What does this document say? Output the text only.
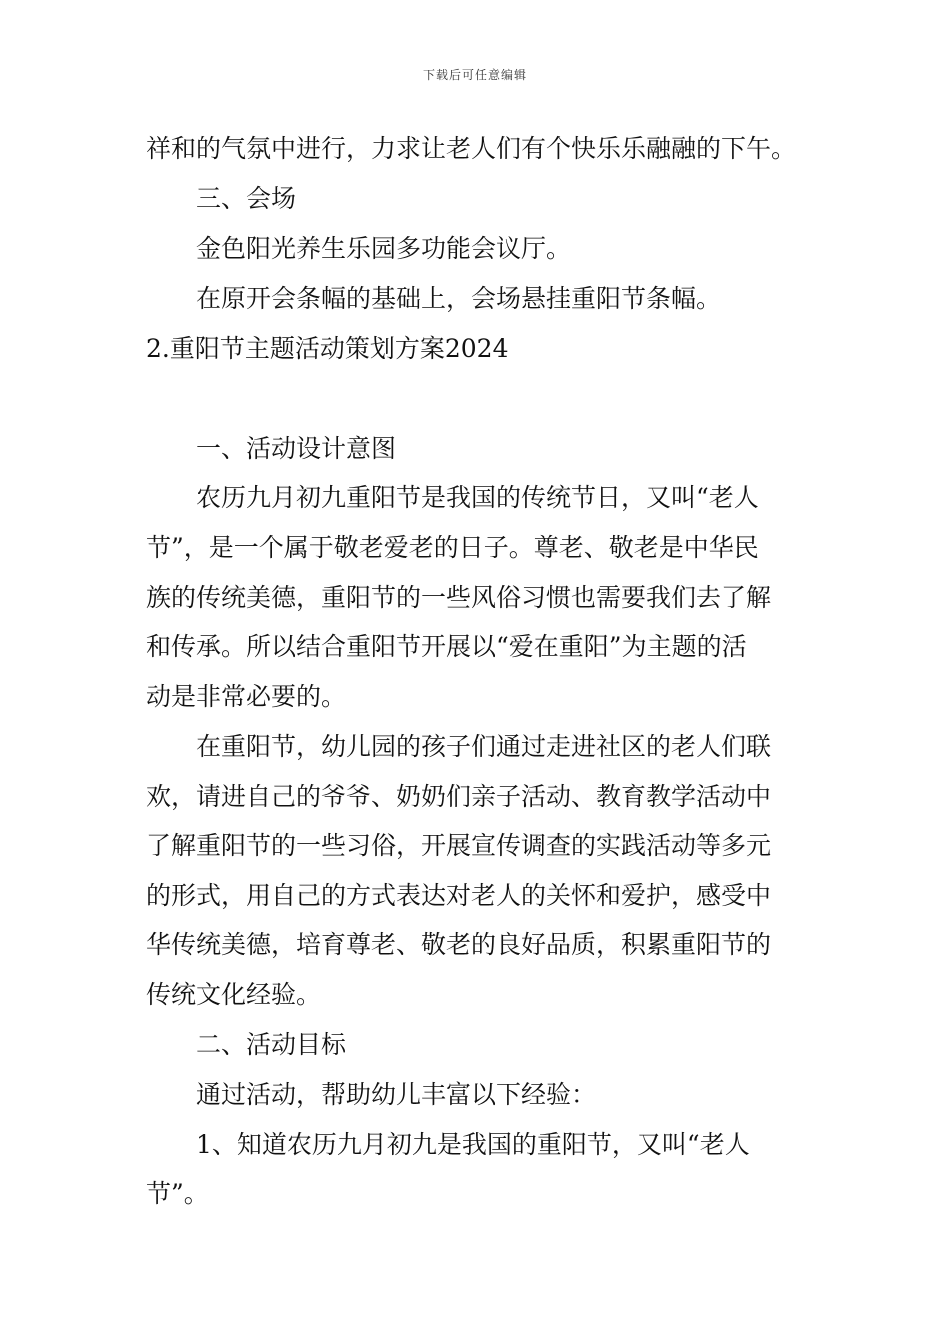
下载后可任意编辑
祥和的气氛中进行，力求让老人们有个快乐乐融融的下午。
三、会场
金色阳光养生乐园多功能会议厅。
在原开会条幅的基础上，会场悬挂重阳节条幅。
2.重阳节主题活动策划方案2024
一、活动设计意图
农历九月初九重阳节是我国的传统节日，又叫“老人
节”，是一个属于敬老爱老的日子。尊老、敬老是中华民
族的传统美德，重阳节的一些风俗习惯也需要我们去了解
和传承。所以结合重阳节开展以“爱在重阳”为主题的活
动是非常必要的。
在重阳节，幼儿园的孩子们通过走进社区的老人们联
欢，请进自己的爷爷、奶奶们亲子活动、教育教学活动中
了解重阳节的一些习俗，开展宣传调查的实践活动等多元
的形式，用自己的方式表达对老人的关怀和爱护，感受中
华传统美德，培育尊老、敬老的良好品质，积累重阳节的
传统文化经验。
二、活动目标
通过活动，帮助幼儿丰富以下经验：
1、知道农历九月初九是我国的重阳节，又叫“老人
节”。
